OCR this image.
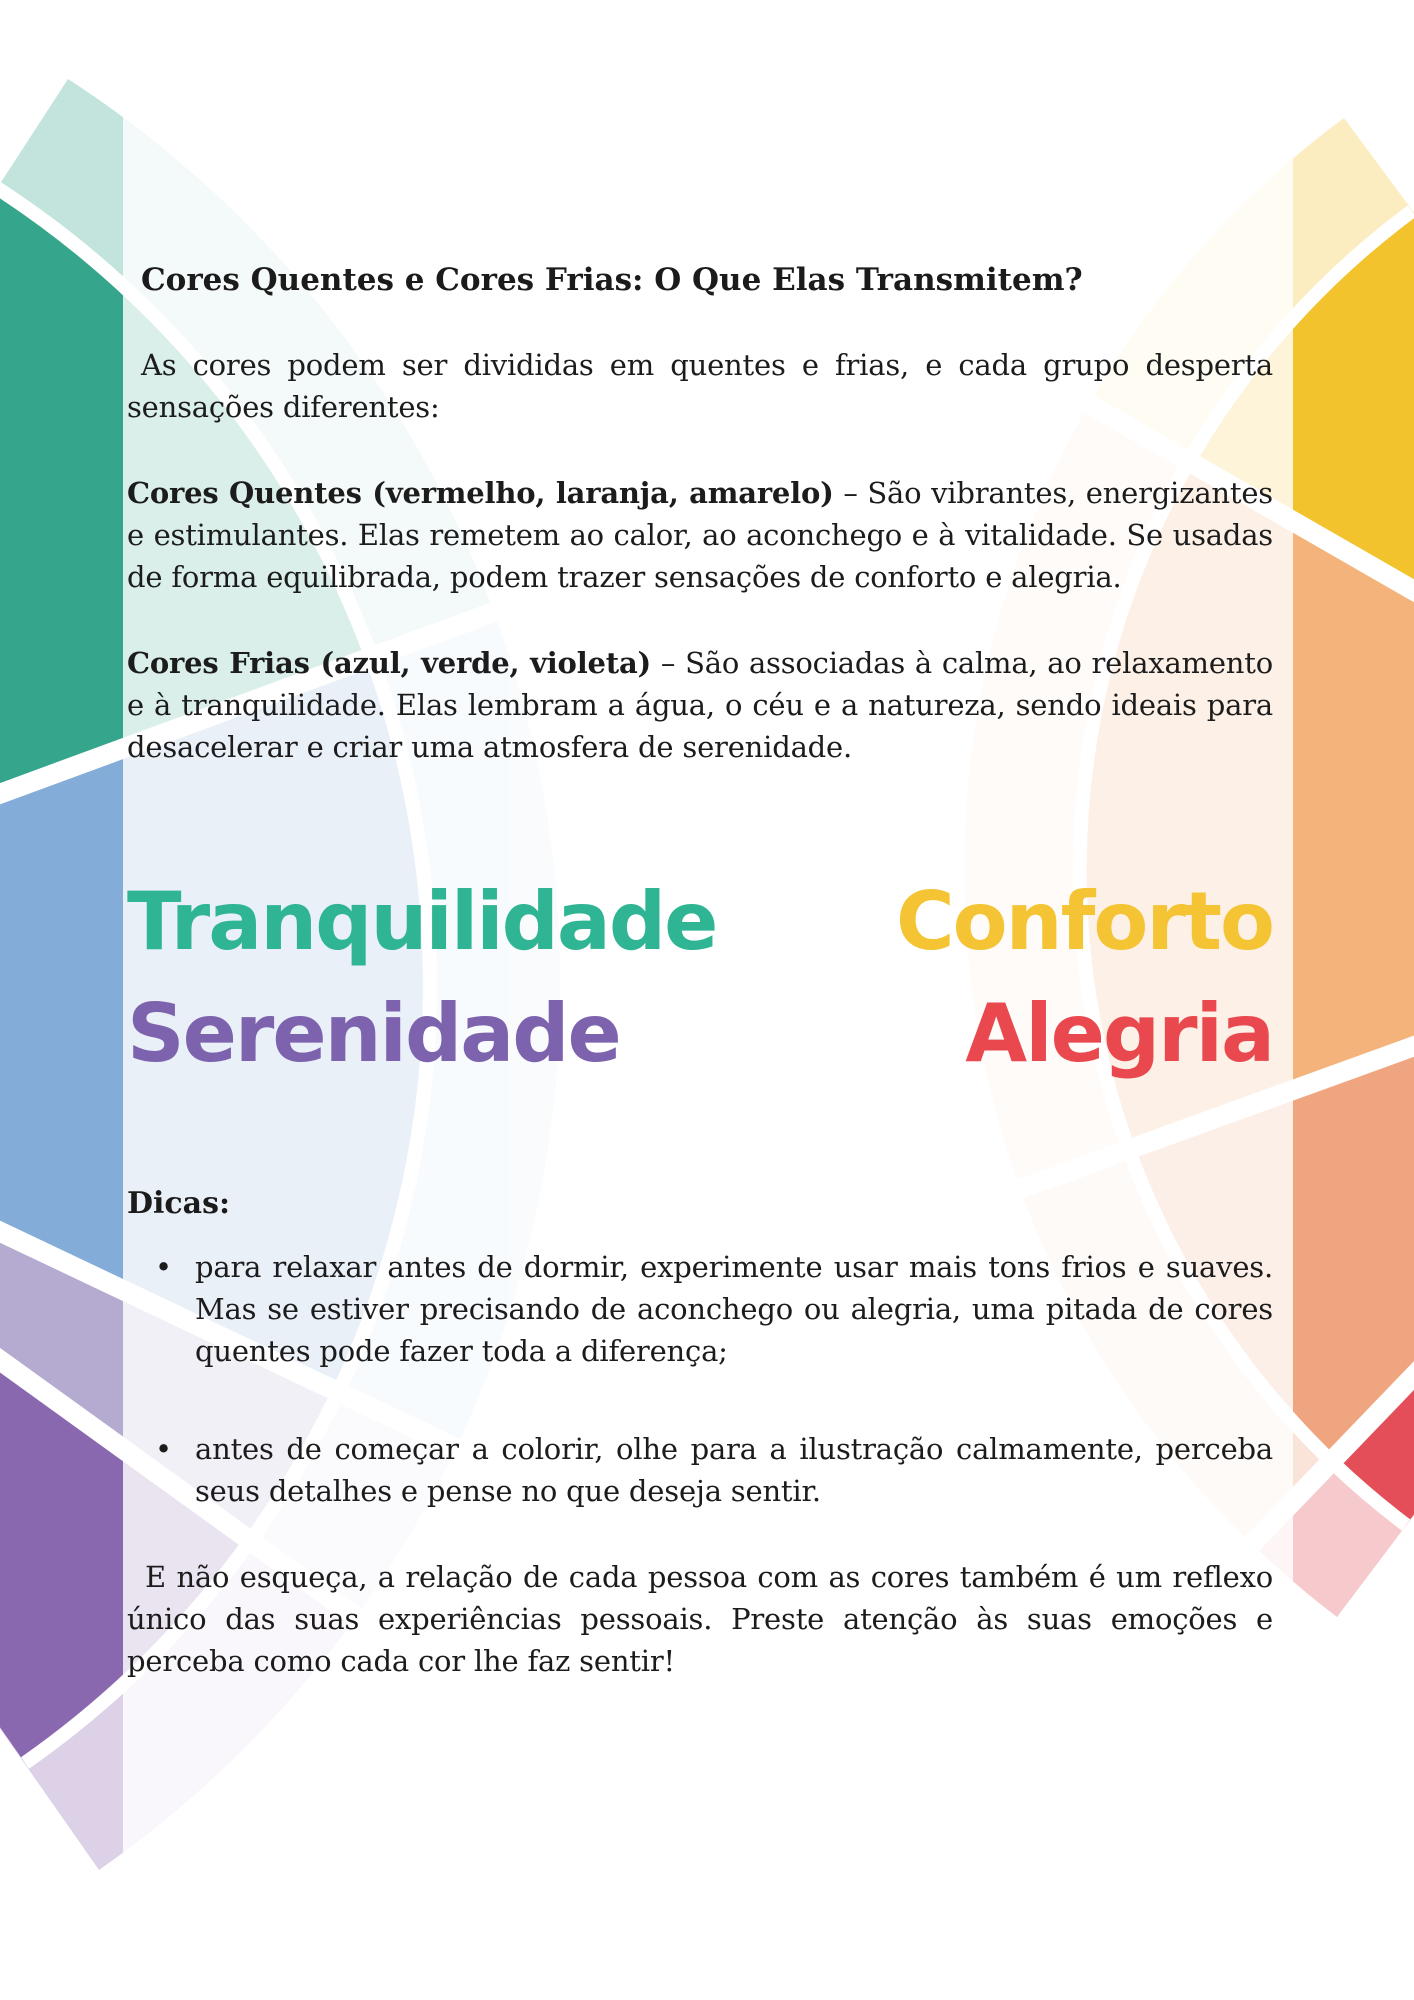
Cores Quentes e Cores Frias: O Que Elas Transmitem?

As cores podem ser divididas em quentes e frias, e cada grupo desperta sensações diferentes:

Cores Quentes (vermelho, laranja, amarelo) – São vibrantes, energizantes e estimulantes. Elas remetem ao calor, ao aconchego e à vitalidade. Se usadas de forma equilibrada, podem trazer sensações de conforto e alegria.

Cores Frias (azul, verde, violeta) – São associadas à calma, ao relaxamento e à tranquilidade. Elas lembram a água, o céu e a natureza, sendo ideais para desacelerar e criar uma atmosfera de serenidade.

Tranquilidade Conforto
Serenidade	Alegria
Dicas:
• para relaxar antes de dormir, experimente usar mais tons frios e suaves. Mas se estiver precisando de aconchego ou alegria, uma pitada de cores quentes pode fazer toda a diferença;
• antes de começar a colorir, olhe para a ilustração calmamente, perceba seus detalhes e pense no que deseja sentir.

E não esqueça, a relação de cada pessoa com as cores também é um reflexo único das suas experiências pessoais. Preste atenção às suas emoções e perceba como cada cor lhe faz sentir!
